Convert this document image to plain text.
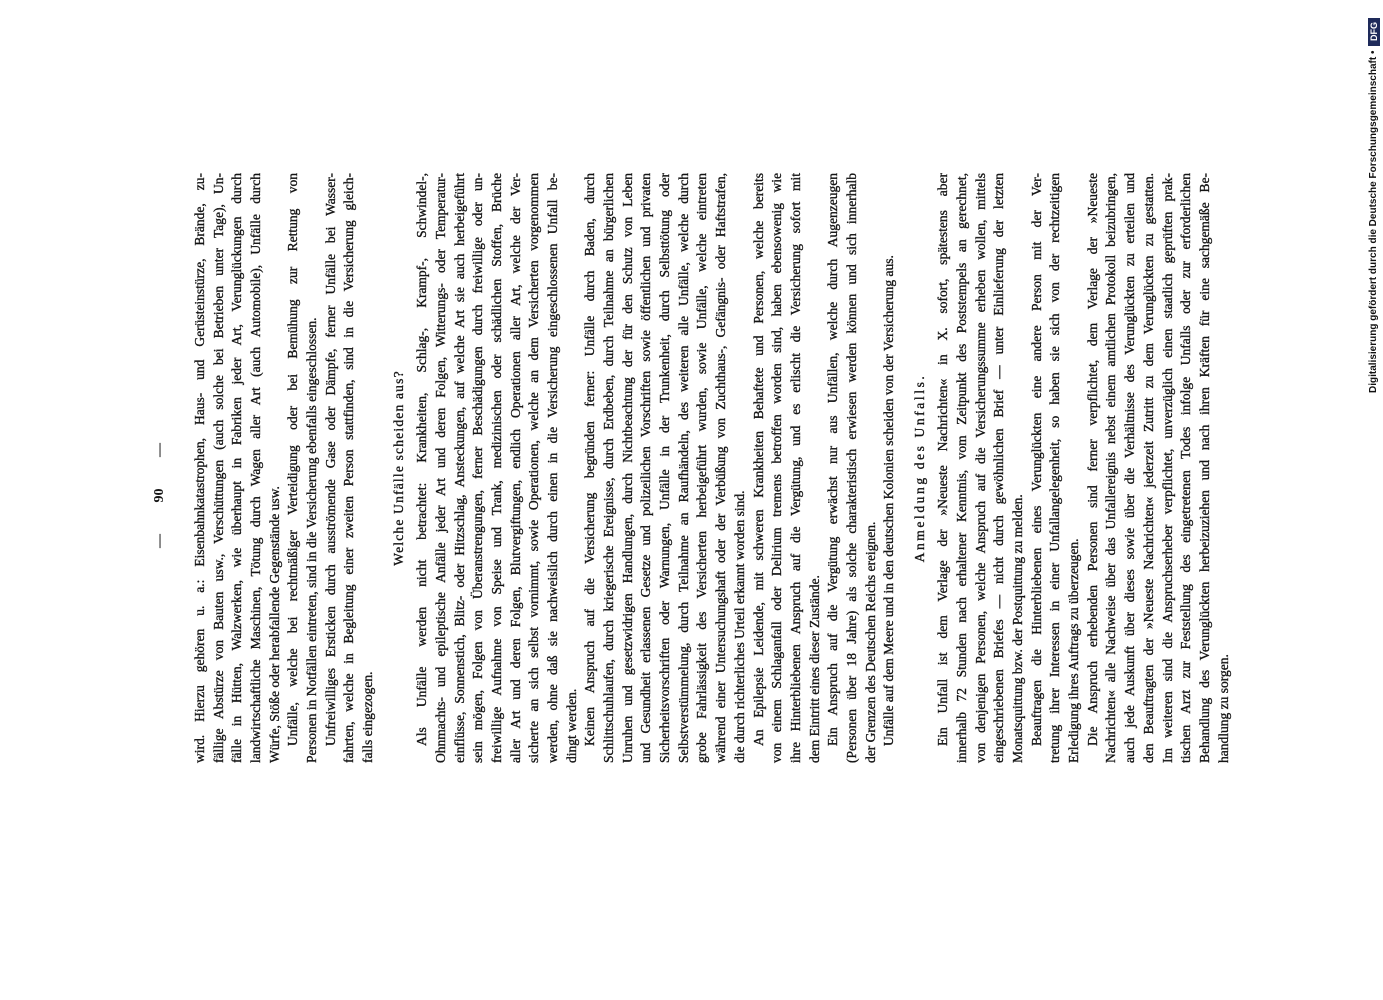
— 90 — wird. Hierzu gehören u. a.: Eisenbahnkatastrophen, Haus- und Gerüsteinstürze, Brände, zu- fällige Abstürze von Bauten usw., Verschüttungen (auch solche bei Betrieben unter Tage), Un- fälle in Hütten, Walzwerken, wie überhaupt in Fabriken jeder Art, Verunglückungen durch landwirtschaftliche Maschinen, Tötung durch Wagen aller Art (auch Automobile), Unfälle durch Würfe, Stöße oder herabfallende Gegenstände usw. Unfälle, welche bei rechtmäßiger Verteidigung oder bei Bemühung zur Rettung von Personen in Notfällen eintreten, sind in die Versicherung ebenfalls eingeschlossen. Unfreiwilliges Ersticken durch ausströmende Gase oder Dämpfe, ferner Unfälle bei Wasser- fahrten, welche in Begleitung einer zweiten Person stattfinden, sind in die Versicherung gleich- falls eingezogen.
Welche Unfälle scheiden aus? Als Unfälle werden nicht betrachtet: Krankheiten, Schlag-, Krampf-, Schwindel-, Ohnmachts- und epileptische Anfälle jeder Art und deren Folgen, Witterungs- oder Temperatur- einflüsse, Sonnenstich, Blitz- oder Hitzschlag, Ansteckungen, auf welche Art sie auch herbeigeführt sein mögen, Folgen von Überanstrengungen, ferner Beschädigungen durch freiwillige oder un- freiwillige Aufnahme von Speise und Trank, medizinischen oder schädlichen Stoffen, Brüche aller Art und deren Folgen, Blutvergiftungen, endlich Operationen aller Art, welche der Ver- sicherte an sich selbst vornimmt, sowie Operationen, welche an dem Versicherten vorgenommen werden, ohne daß sie nachweislich durch einen in die Versicherung eingeschlossenen Unfall be- dingt werden. Keinen Anspruch auf die Versicherung begründen ferner: Unfälle durch Baden, durch Schlittschuhlaufen, durch kriegerische Ereignisse, durch Erdbeben, durch Teilnahme an bürgerlichen Unruhen und gesetzwidrigen Handlungen, durch Nichtbeachtung der für den Schutz von Leben und Gesundheit erlassenen Gesetze und polizeilichen Vorschriften sowie öffentlichen und privaten Sicherheitsvorschriften oder Warnungen, Unfälle in der Trunkenheit, durch Selbsttötung oder Selbstverstümmelung, durch Teilnahme an Raufhändeln, des weiteren alle Unfälle, welche durch grobe Fahrlässigkeit des Versicherten herbeigeführt wurden, sowie Unfälle, welche eintreten während einer Untersuchungshaft oder der Verbüßung von Zuchthaus-, Gefängnis- oder Haftstrafen, die durch richterliches Urteil erkannt worden sind. An Epilepsie Leidende, mit schweren Krankheiten Behaftete und Personen, welche bereits von einem Schlaganfall oder Delirium tremens betroffen worden sind, haben ebensowenig wie ihre Hinterbliebenen Anspruch auf die Vergütung, und es erlischt die Versicherung sofort mit dem Eintritt eines dieser Zustände. Ein Anspruch auf die Vergütung erwächst nur aus Unfällen, welche durch Augenzeugen (Personen über 18 Jahre) als solche charakteristisch erwiesen werden können und sich innerhalb der Grenzen des Deutschen Reichs ereignen. Unfälle auf dem Meere und in den deutschen Kolonien scheiden von der Versicherung aus. Anmeldung des Unfalls. Ein Unfall ist dem Verlage der »Neueste Nachrichten« in X. sofort, spätestens aber innerhalb 72 Stunden nach erhaltener Kenntnis, vom Zeitpunkt des Poststempels an gerechnet, von denjenigen Personen, welche Anspruch auf die Versicherungssumme erheben wollen, mittels eingeschriebenen Briefes — nicht durch gewöhnlichen Brief — unter Einlieferung der letzten Monatsquittung bzw. der Postquittung zu melden. Beauftragen die Hinterbliebenen eines Verunglückten eine andere Person mit der Ver- tretung ihrer Interessen in einer Unfallangelegenheit, so haben sie sich von der rechtzeitigen Erledigung ihres Auftrags zu überzeugen. Die Anspruch erhebenden Personen sind ferner verpflichtet, dem Verlage der »Neueste Nachrichten« alle Nachweise über das Unfallereignis nebst einem amtlichen Protokoll beizubringen, auch jede Auskunft über dieses sowie über die Verhältnisse des Verunglückten zu erteilen und den Beauftragten der »Neueste Nachrichten« jederzeit Zutritt zu dem Verunglückten zu gestatten. Im weiteren sind die Anspruchserheber verpflichtet, unverzüglich einen staatlich geprüften prak- tischen Arzt zur Feststellung des eingetretenen Todes infolge Unfalls oder zur erforderlichen Behandlung des Verunglückten herbeizuziehen und nach ihren Kräften für eine sachgemäße Be- handlung zu sorgen.
Digitalisierung gefördert durch die Deutsche Forschungsgemeinschaft •DFG
